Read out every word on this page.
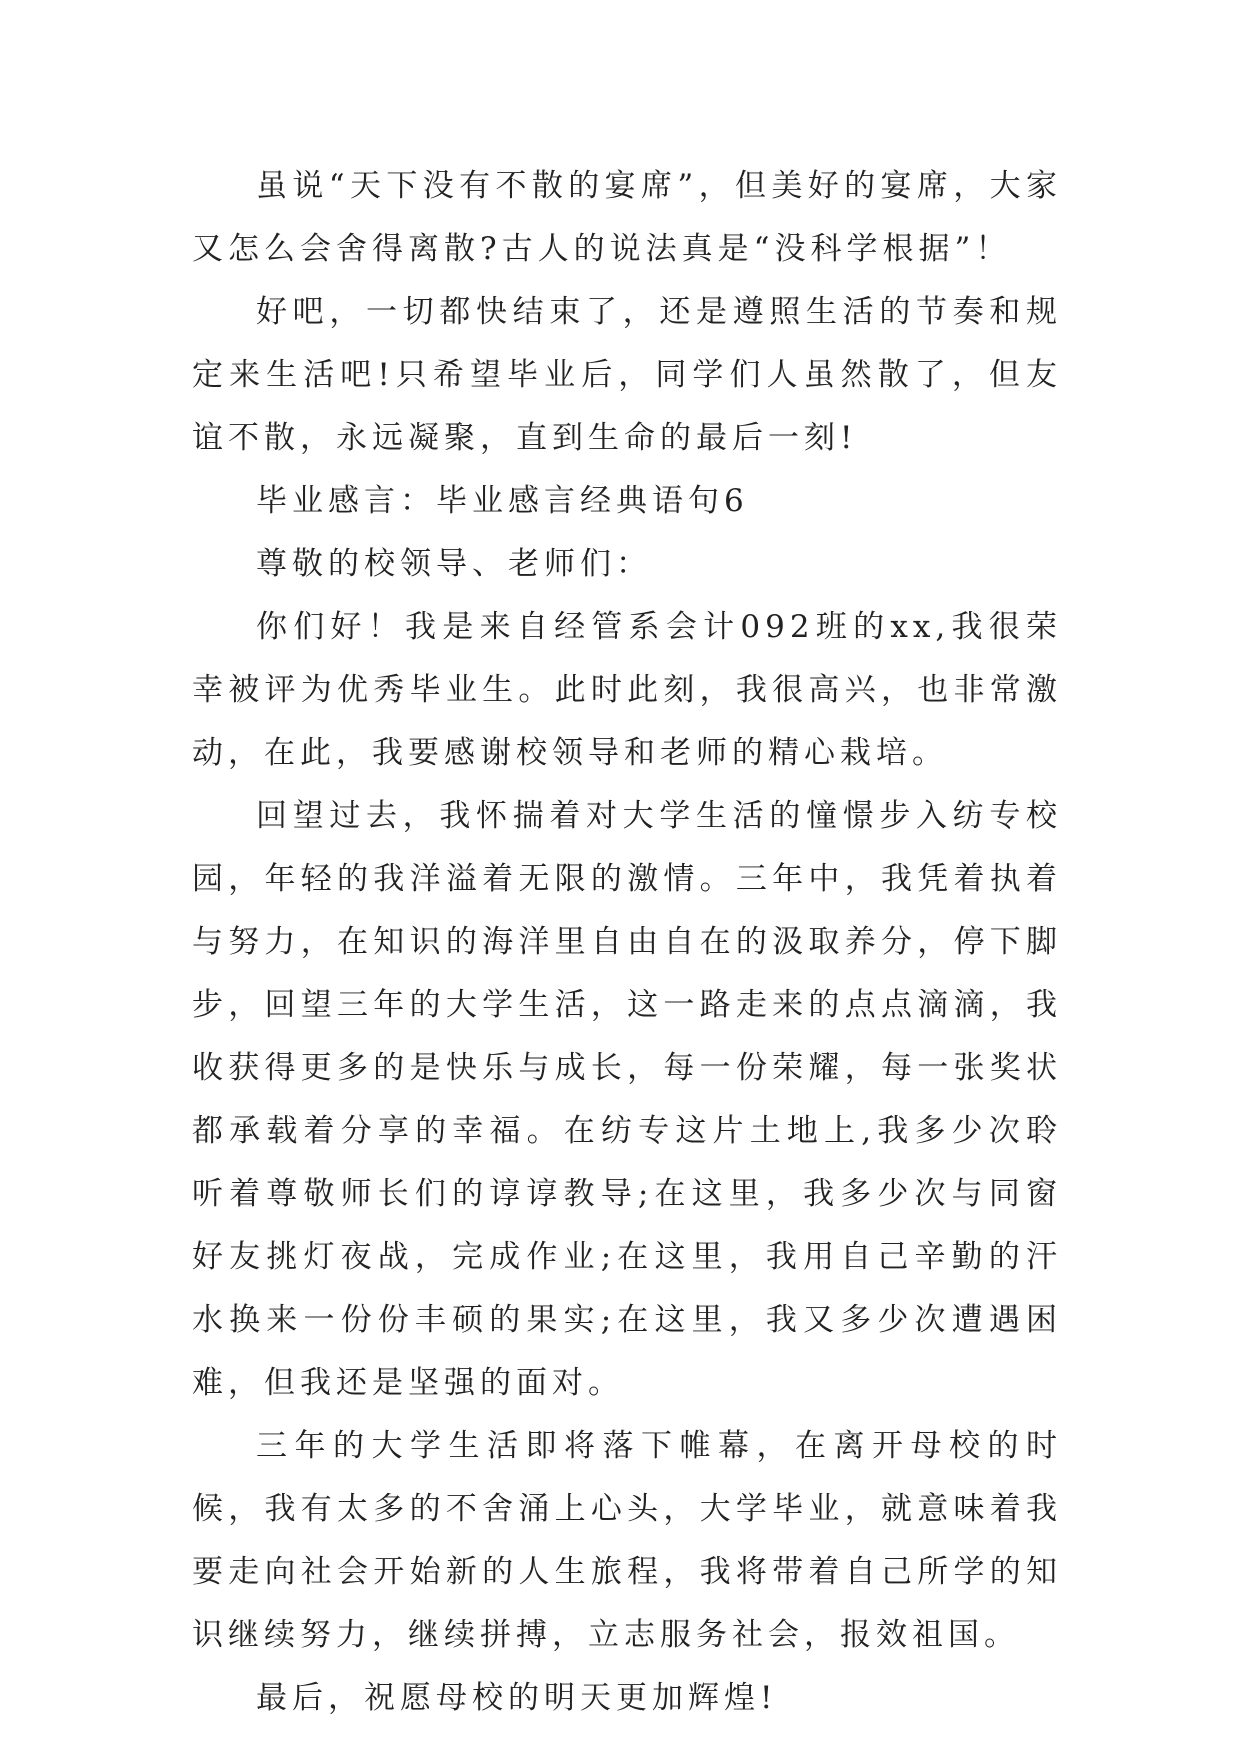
虽说“天下没有不散的宴席”，但美好的宴席，大家又怎么会舍得离散?古人的说法真是“没科学根据”！

好吧，一切都快结束了，还是遵照生活的节奏和规定来生活吧!只希望毕业后，同学们人虽然散了，但友谊不散，永远凝聚，直到生命的最后一刻!

毕业感言：毕业感言经典语句6

尊敬的校领导、老师们：

你们好！我是来自经管系会计092班的xx,我很荣幸被评为优秀毕业生。此时此刻，我很高兴，也非常激动，在此，我要感谢校领导和老师的精心栽培。

回望过去，我怀揣着对大学生活的憧憬步入纺专校园，年轻的我洋溢着无限的激情。三年中，我凭着执着与努力，在知识的海洋里自由自在的汲取养分，停下脚步，回望三年的大学生活，这一路走来的点点滴滴，我收获得更多的是快乐与成长，每一份荣耀，每一张奖状都承载着分享的幸福。在纺专这片土地上,我多少次聆听着尊敬师长们的谆谆教导;在这里，我多少次与同窗好友挑灯夜战，完成作业;在这里，我用自己辛勤的汗水换来一份份丰硕的果实;在这里，我又多少次遭遇困难，但我还是坚强的面对。

三年的大学生活即将落下帷幕，在离开母校的时候，我有太多的不舍涌上心头，大学毕业，就意味着我要走向社会开始新的人生旅程，我将带着自己所学的知识继续努力，继续拼搏，立志服务社会，报效祖国。

最后，祝愿母校的明天更加辉煌!
